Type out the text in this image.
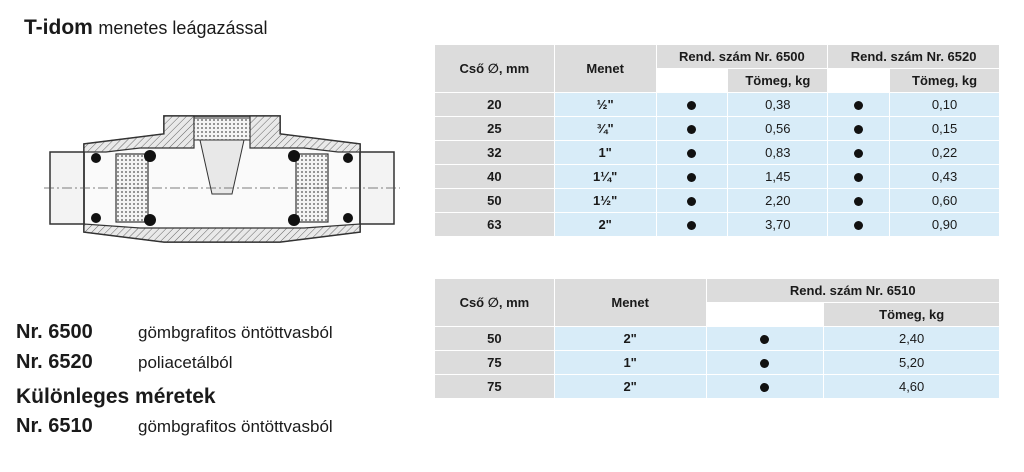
T-idom menetes leágazással
Nr. 6500	gömbgrafitos öntöttvasból
Nr. 6520	poliacetálból
Különleges méretek
Nr. 6510	gömbgrafitos öntöttvasból
Cső ∅, mm	Menet	Rend. szám Nr. 6500		Rend. szám Nr. 6520	
			Tömeg, kg		Tömeg, kg
20	½"		0,38		0,10
25	¾"		0,56		0,15
32	1"		0,83		0,22
40	1¼"		1,45		0,43
50	1½"		2,20		0,60
63	2"		3,70		0,90
Cső ∅, mm	Menet	Rend. szám Nr. 6510	
			Tömeg, kg
50	2"		2,40
75	1"		5,20
75	2"		4,60
